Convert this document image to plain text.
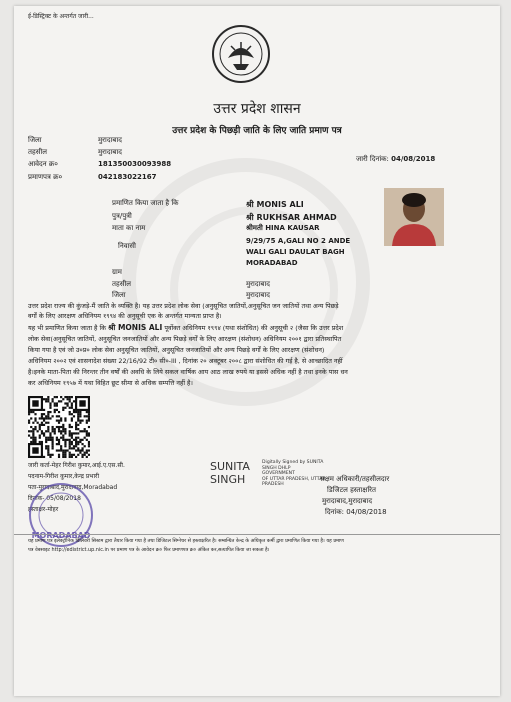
ई-डिस्ट्रिक्ट के अन्तर्गत जारी...
उत्तर प्रदेश शासन
उत्तर प्रदेश के पिछड़ी जाति के लिए जाति प्रमाण पत्र
जिला	मुरादाबाद
तहसील	मुरादाबाद
आवेदन क्र०	181350030093988
प्रमाणपत्र क्र०	042183022167
जारी दिनांक: 04/08/2018
प्रमाणित किया जाता है कि	श्री MONIS ALI
पुत्र/पुत्री	श्री RUKHSAR AHMAD
माता का नाम	श्रीमती HINA KAUSAR
निवासी
9/29/75 A,GALI NO 2 ANDE
WALI GALI DAULAT BAGH
MORADABAD
ग्राम
तहसील	मुरादाबाद
जिला	मुरादाबाद
उत्तर प्रदेश राज्य की कुंजड़े-मैं जाति के व्यक्ति है। यह उत्तर प्रदेश लोक सेवा (अनुसूचित जातियों,अनुसूचित जन जातियों तथा अन्य पिछड़े
वर्गों के लिए आरक्षण अधिनियम १९९४ की अनुसूची एक के अन्तर्गत मान्यता प्राप्त है।
यह भी प्रमाणित किया जाता है कि श्री MONIS ALI पूर्वोक्त अधिनियम १९९४ (यथा संशोधित) की अनुसूची २ (जैसा कि उत्तर प्रदेश
लोक सेवा(अनुसूचित जातियों, अनुसूचित जनजातियों और अन्य पिछड़े वर्गों के लिए आरक्षण (संशोधन) अधिनियम २००१ द्वारा प्रतिस्थापित
किया गया है एवं जो उ०प्र० लोक सेवा अनुसूचित जातियों, अनुसूचित जनजातियों और अन्य पिछड़े वर्गों के लिए आरक्षण (संशोधन)
अधिनियम २००२ एवं शासनादेश संख्या 22/16/92 टी० सी०-III , दिनांक २० अक्टूबर २००८ द्वारा संशोधित की गई है, से आच्छादित नहीं
है।इनके माता-पिता की निरन्तर तीन वर्षों की अवधि के लिये सकल वार्षिक आय आठ लाख रुपये या इससे अधिक नहीं है तथा इनके पास धन
कर अधिनियम १९५७ में यथा विहित छूट सीमा से अधिक सम्पत्ति नहीं है।
जारी कर्ता-मेहर गिरीश कुमार,आई.ए.एस.सी.
पदनाम-गिरीश कुमार,केन्द्र प्रभारी
पता-मुरादाबाद,मुरादाबाद,Moradabad
दिनांक- 05/08/2018
हस्ताक्षर-मोहर
MORADABAD
SUNITA
SINGH
Digitally Signed by SUNITA
SINGH DHLP
GOVERNMENT
OF UTTAR PRADESH, UTTAR
PRADESH
सक्षम अधिकारी/तहसीलदार
डिजिटल हस्ताक्षरित
मुरादाबाद,मुरादाबाद
दिनांक: 04/08/2018
यह प्रमाण पत्र इलेक्ट्रॉनिक डिलिवरी सिस्टम द्वारा तैयार किया गया है तथा डिजिटल सिग्नेचर से हस्ताक्षरित है। सम्बन्धित केन्द्र के अधिकृत कर्मी द्वारा प्रमाणित किया गया है। यह प्रमाण
पत्र वेबसाइट http://edistrict.up.nic.in पर प्रमाण पत्र के आवेदन क्र० फिर प्रमाणपत्र क्र० अंकित कर,सत्यापित किया जा सकता है।
